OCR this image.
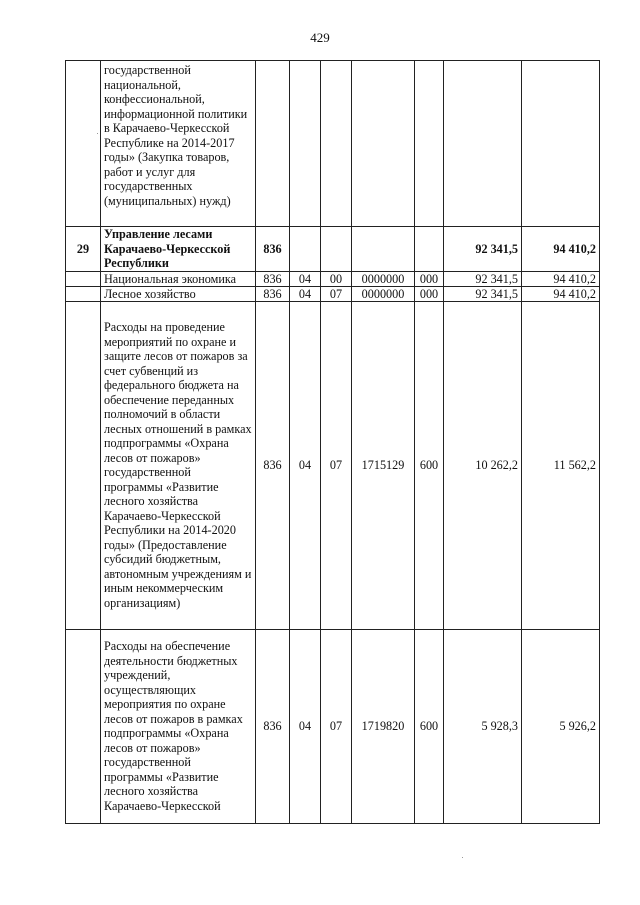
429
	государственной национальной, конфессиональной, информационной политики в Карачаево-Черкесской Республике на 2014-2017 годы» (Закупка товаров, работ и услуг для государственных (муниципальных) нужд)							
29	Управление лесами Карачаево-Черкесской Республики	836					92 341,5	94 410,2
	Национальная экономика	836	04	00	0000000	000	92 341,5	94 410,2
	Лесное хозяйство	836	04	07	0000000	000	92 341,5	94 410,2
	Расходы на проведение мероприятий по охране и защите лесов от пожаров за счет субвенций из федерального бюджета на обеспечение переданных полномочий в области лесных отношений в рамках подпрограммы «Охрана лесов от пожаров» государственной программы «Развитие лесного хозяйства Карачаево-Черкесской Республики на 2014-2020 годы» (Предоставление субсидий бюджетным, автономным учреждениям и иным некоммерческим организациям)	836	04	07	1715129	600	10 262,2	11 562,2
	Расходы на обеспечение деятельности бюджетных учреждений, осуществляющих мероприятия по охране лесов от пожаров в рамках подпрограммы «Охрана лесов от пожаров» государственной программы «Развитие лесного хозяйства Карачаево-Черкесской	836	04	07	1719820	600	5 928,3	5 926,2
